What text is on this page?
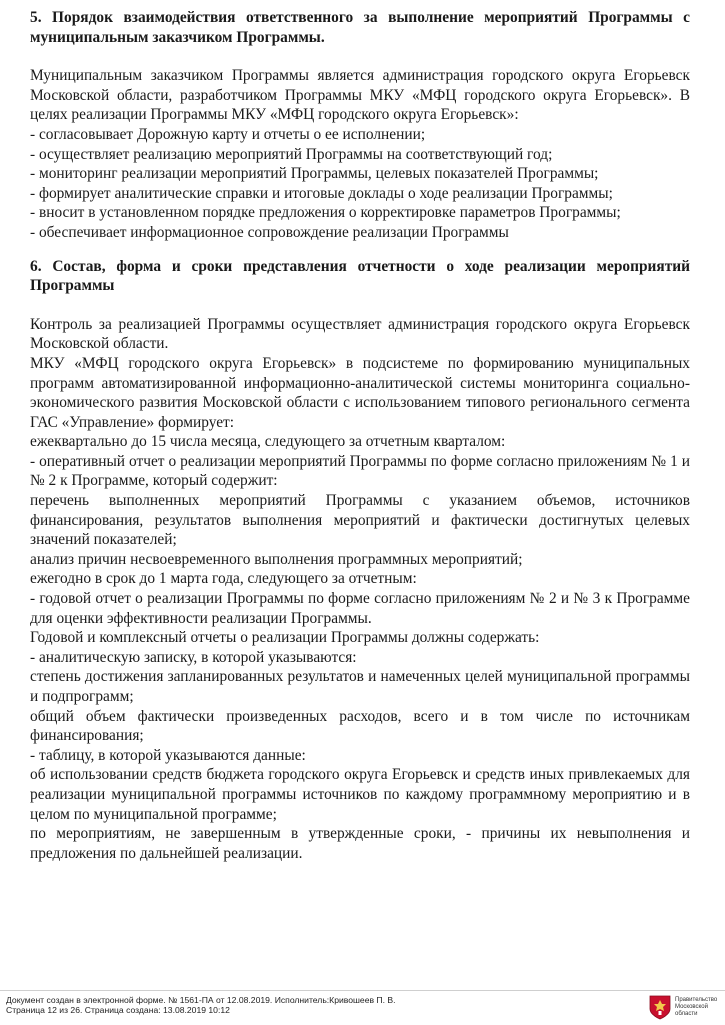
5. Порядок взаимодействия ответственного за выполнение мероприятий Программы с муниципальным заказчиком Программы.

Муниципальным заказчиком Программы является администрация городского округа Егорьевск Московской области, разработчиком Программы МКУ «МФЦ городского округа Егорьевск». В целях реализации Программы МКУ «МФЦ городского округа Егорьевск»:

- согласовывает Дорожную карту и отчеты о ее исполнении;

- осуществляет реализацию мероприятий Программы на соответствующий год;

- мониторинг реализации мероприятий Программы, целевых показателей Программы;

- формирует аналитические справки и итоговые доклады о ходе реализации Программы;

- вносит в установленном порядке предложения о корректировке параметров Программы;

- обеспечивает информационное сопровождение реализации Программы

6. Состав, форма и сроки представления отчетности о ходе реализации мероприятий Программы

Контроль за реализацией Программы осуществляет администрация городского округа Егорьевск Московской области.

МКУ «МФЦ городского округа Егорьевск» в подсистеме по формированию муниципальных программ автоматизированной информационно-аналитической системы мониторинга социально-экономического развития Московской области с использованием типового регионального сегмента ГАС «Управление» формирует:

ежеквартально до 15 числа месяца, следующего за отчетным кварталом:

- оперативный отчет о реализации мероприятий Программы по форме согласно приложениям № 1 и № 2 к Программе, который содержит:

перечень выполненных мероприятий Программы с указанием объемов, источников финансирования, результатов выполнения мероприятий и фактически достигнутых целевых значений показателей;

анализ причин несвоевременного выполнения программных мероприятий;

ежегодно в срок до 1 марта года, следующего за отчетным:

- годовой отчет о реализации Программы по форме согласно приложениям № 2 и № 3 к Программе для оценки эффективности реализации Программы.

Годовой и комплексный отчеты о реализации Программы должны содержать:

- аналитическую записку, в которой указываются:

степень достижения запланированных результатов и намеченных целей муниципальной программы и подпрограмм;

общий объем фактически произведенных расходов, всего и в том числе по источникам финансирования;

- таблицу, в которой указываются данные:

об использовании средств бюджета городского округа Егорьевск и средств иных привлекаемых для реализации муниципальной программы источников по каждому программному мероприятию и в целом по муниципальной программе;

по мероприятиям, не завершенным в утвержденные сроки, - причины их невыполнения и предложения по дальнейшей реализации.

Документ создан в электронной форме. № 1561-ПА от 12.08.2019. Исполнитель:Кривошеев П. В.
Страница 12 из 26. Страница создана: 13.08.2019 10:12
Правительство Московской области
